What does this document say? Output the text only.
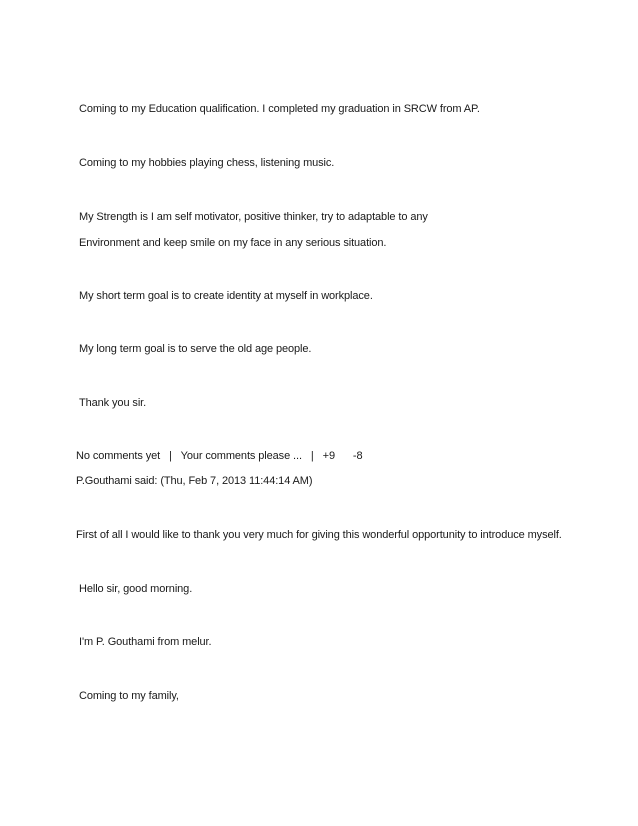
Coming to my Education qualification. I completed my graduation in SRCW from AP.
Coming to my hobbies playing chess, listening music.
My Strength is I am self motivator, positive thinker, try to adaptable to any
Environment and keep smile on my face in any serious situation.
My short term goal is to create identity at myself in workplace.
My long term goal is to serve the old age people.
Thank you sir.
No comments yet | Your comments please ... | +9 -8
P.Gouthami said: (Thu, Feb 7, 2013 11:44:14 AM)
First of all I would like to thank you very much for giving this wonderful opportunity to introduce myself.
Hello sir, good morning.
I'm P. Gouthami from melur.
Coming to my family,
